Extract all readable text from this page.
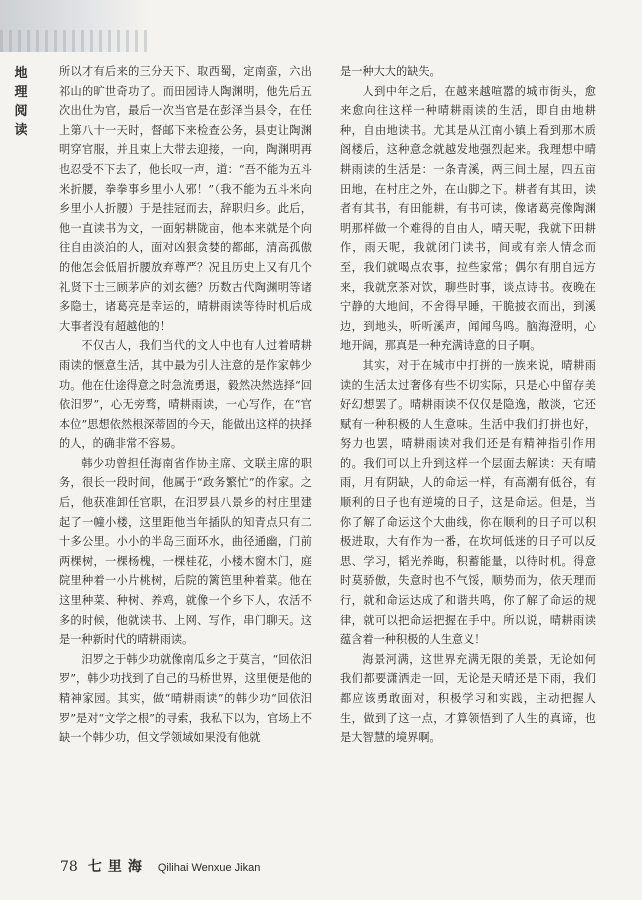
地理阅读

所以才有后来的三分天下、取西蜀，定南蛮，六出祁山的旷世奇功了。而田园诗人陶渊明，他先后五次出仕为官，最后一次当官是在彭泽当县令，在任上第八十一天时，督邮下来检查公务，县吏让陶渊明穿官服，并且束上大带去迎接，一向，陶渊明再也忍受不下去了，他长叹一声，道：“吾不能为五斗米折腰，拳拳事乡里小人邪！”（我不能为五斗米向乡里小人折腰）于是挂冠而去，辞职归乡。此后，他一直读书为文，一面躬耕陇亩，他本来就是个向往自由淡泊的人，面对凶狠贪婪的都邮，清高孤傲的他怎会低眉折腰放弃尊严？况且历史上又有几个礼贤下士三顾茅庐的刘玄德？历数古代陶渊明等诸多隐士，诸葛亮是幸运的，晴耕雨读等待时机后成大事者没有超越他的！

不仅古人，我们当代的文人中也有人过着晴耕雨读的惬意生活，其中最为引人注意的是作家韩少功。他在仕途得意之时急流勇退，毅然决然选择“回依汨罗”，心无旁骛，晴耕雨读，一心写作，在“官本位”思想依然根深蒂固的今天，能做出这样的抉择的人，的确非常不容易。

韩少功曾担任海南省作协主席、文联主席的职务，很长一段时间，他属于“政务繁忙”的作家。之后，他获准卸任官职，在汨罗县八景乡的村庄里建起了一幢小楼，这里距他当年插队的知青点只有二十多公里。小小的半岛三面环水，曲径通幽，门前两棵树，一棵杨槐，一棵桂花，小楼木窗木门，庭院里种着一小片桃树，后院的篱笆里种着菜。他在这里种菜、种树、养鸡，就像一个乡下人，农活不多的时候，他就读书、上网、写作，串门聊天。这是一种新时代的晴耕雨读。

汨罗之于韩少功就像南瓜乡之于莫言，“回依汨罗”，韩少功找到了自己的马桥世界，这里便是他的精神家园。其实，做“晴耕雨读”的韩少功“回依汨罗”是对“文学之根”的寻索，我私下以为，官场上不缺一个韩少功，但文学领域如果没有他就

是一种大大的缺失。

人到中年之后，在越来越喧嚣的城市街头，愈来愈向往这样一种晴耕雨读的生活，即自由地耕种，自由地读书。尤其是从江南小镇上看到那木质阁楼后，这种意念就越发地强烈起来。我理想中晴耕雨读的生活是：一条青溪，两三间土屋，四五亩田地，在村庄之外，在山脚之下。耕者有其田，读者有其书，有田能耕，有书可读，像诸葛亮像陶渊明那样做一个难得的自由人，晴天呢，我就下田耕作，雨天呢，我就闭门读书，间或有亲人情念而至，我们就喝点农事，拉些家常；偶尔有朋自远方来，我就烹茶对饮，聊些时事，谈点诗书。夜晚在宁静的大地间，不舍得早睡，干脆披衣而出，到溪边，到地头，听听溪声，闻闻鸟鸣。脑海澄明，心地开阔，那真是一种充满诗意的日子啊。

其实，对于在城市中打拼的一族来说，晴耕雨读的生活太过奢侈有些不切实际，只是心中留存美好幻想罢了。晴耕雨读不仅仅是隐逸，散淡，它还赋有一种积极的人生意味。生活中我们打拼也好，努力也罢，晴耕雨读对我们还是有精神指引作用的。我们可以上升到这样一个层面去解读：天有晴雨，月有阴缺，人的命运一样，有高潮有低谷，有顺利的日子也有逆境的日子，这是命运。但是，当你了解了命运这个大曲线，你在顺利的日子可以积极进取，大有作为一番，在坎坷低迷的日子可以反思、学习，韬光养晦，积蓄能量，以待时机。得意时莫骄傲，失意时也不气馁，顺势而为，依天理而行，就和命运达成了和谐共鸣，你了解了命运的规律，就可以把命运把握在手中。所以说，晴耕雨读蕴含着一种积极的人生意义！

海景河满，这世界充满无限的美景，无论如何我们都要潇洒走一回，无论是天晴还是下雨，我们都应该勇敢面对，积极学习和实践，主动把握人生，做到了这一点，才算领悟到了人生的真谛，也是大智慧的境界啊。

78 七里海 Qilihai Wenxue Jikan
